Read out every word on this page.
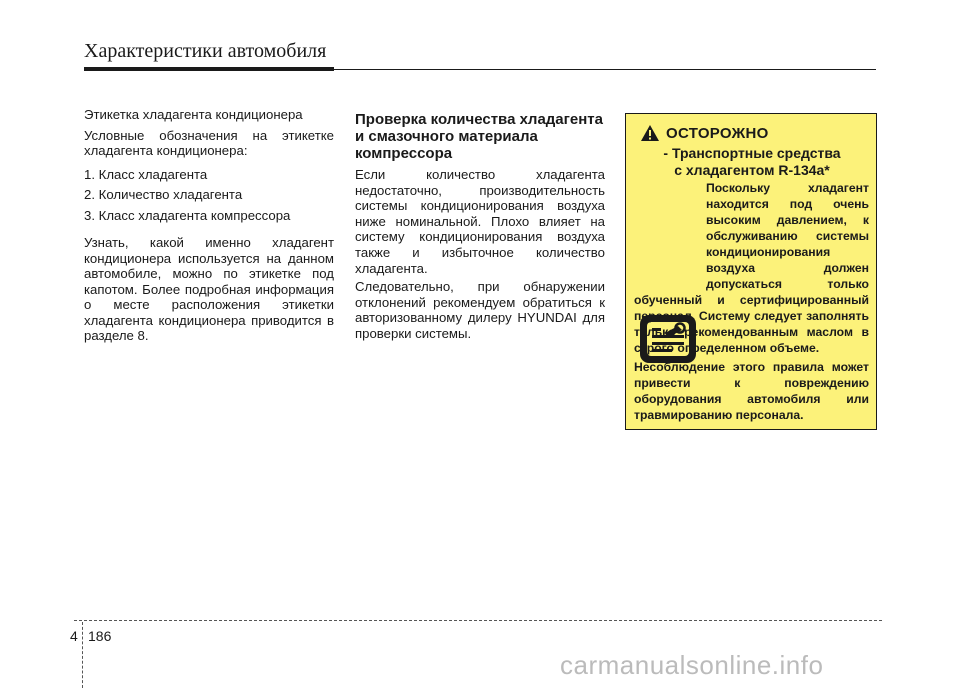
Характеристики автомобиля

Этикетка хладагента кондиционера

Условные обозначения на этикетке хладагента кондиционера:

1. Класс хладагента
2. Количество хладагента
3. Класс хладагента компрессора

Узнать, какой именно хладагент кондиционера используется на данном автомобиле, можно по этикетке под капотом. Более подробная информация о месте расположения этикетки хладагента кондиционера приводится в разделе 8.

Проверка количества хладагента и смазочного материала компрессора

Если количество хладагента недостаточно, производительность системы кондиционирования воздуха ниже номинальной. Плохо влияет на систему кондиционирования воздуха также и избыточное количество хладагента.

Следовательно, при обнаружении отклонений рекомендуем обратиться к авторизованному дилеру HYUNDAI для проверки системы.

ОСТОРОЖНО
- Транспортные средства
с хладагентом R-134a*

Поскольку хладагент находится под очень высоким давлением, к обслуживанию системы кондиционирования воздуха должен допускаться только обученный и сертифицированный персонал. Систему следует заполнять только рекомендованным маслом в строго определенном объеме.

Несоблюдение этого правила может привести к повреждению оборудования автомобиля или травмированию персонала.

4 186
carmanualsonline.info
